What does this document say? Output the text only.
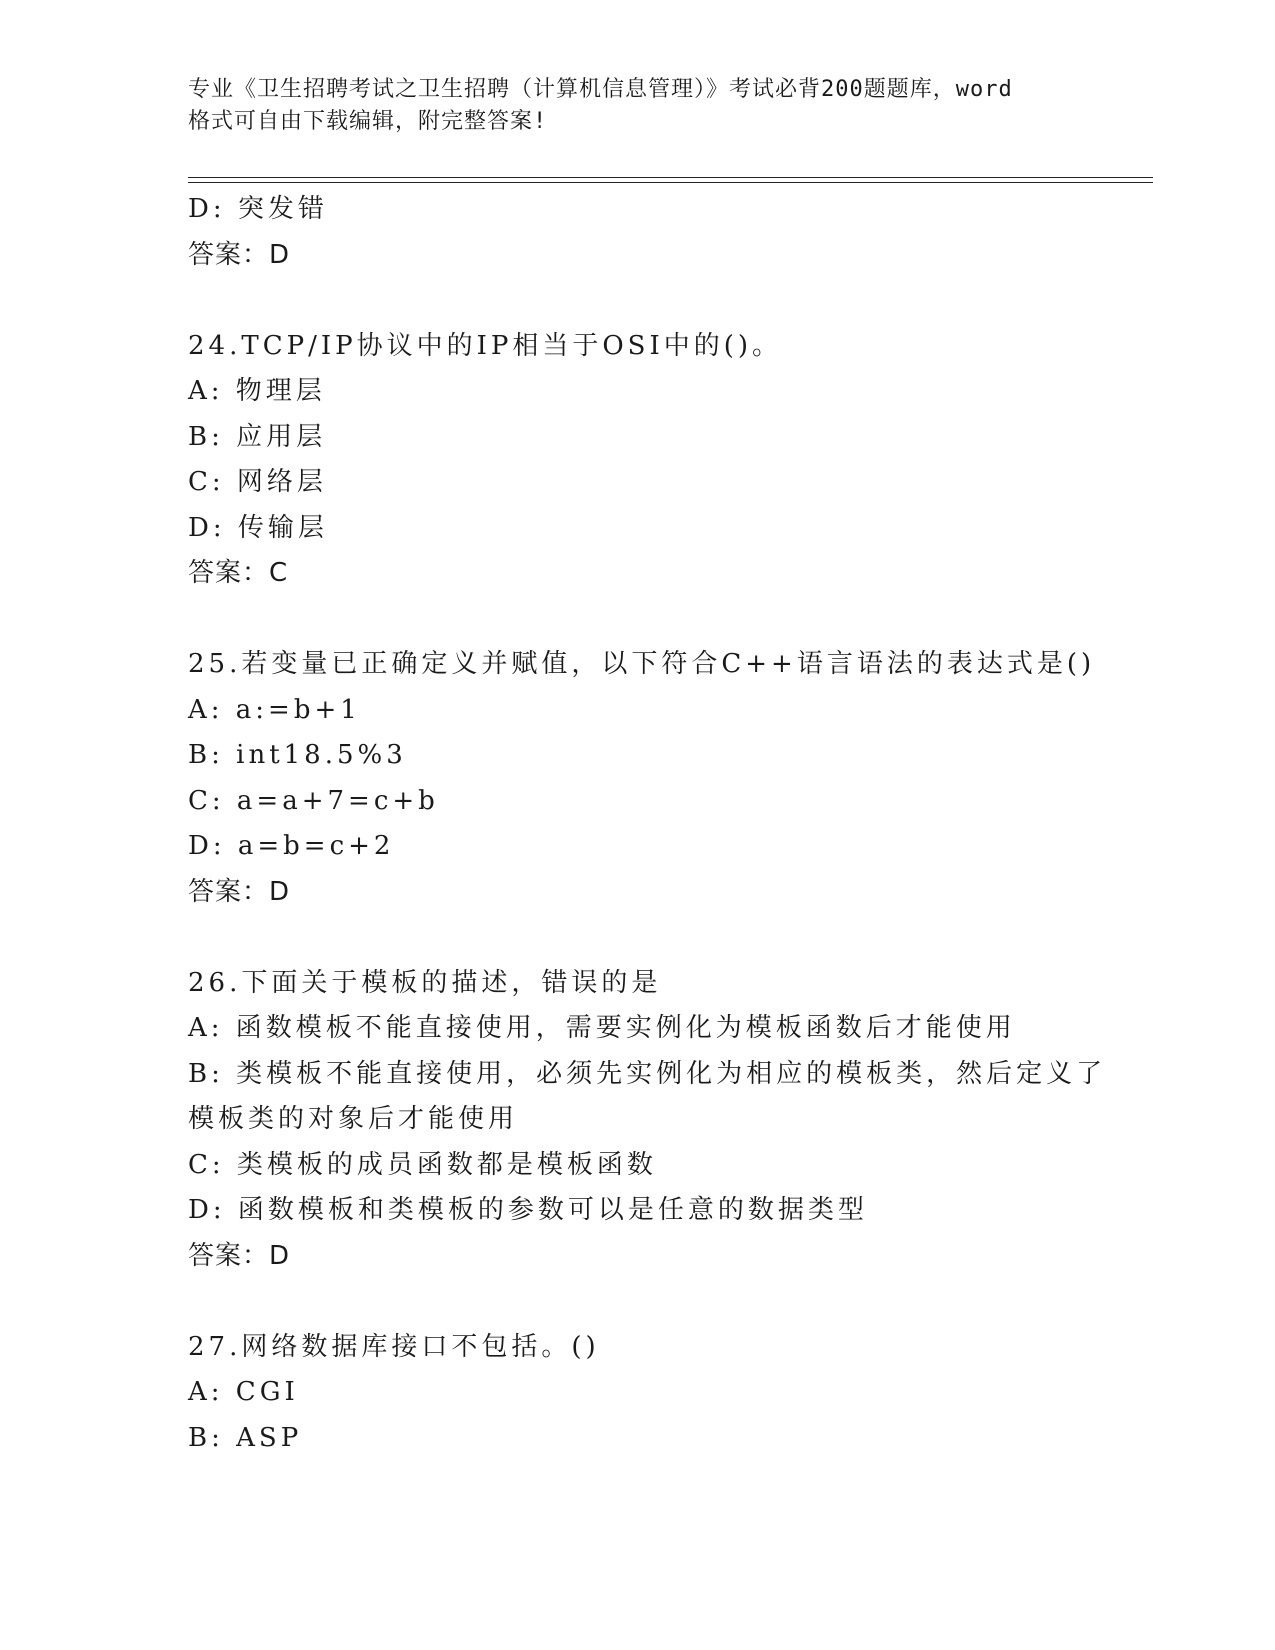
专业《卫生招聘考试之卫生招聘（计算机信息管理）》考试必背200题题库，word
格式可自由下载编辑，附完整答案!
D: 突发错
答案：D
24.TCP/IP协议中的IP相当于OSI中的()。
A: 物理层
B: 应用层
C: 网络层
D: 传输层
答案：C
25.若变量已正确定义并赋值，以下符合C++语言语法的表达式是()
A: a:=b+1
B: int18.5%3
C: a=a+7=c+b
D: a=b=c+2
答案：D
26.下面关于模板的描述，错误的是
A: 函数模板不能直接使用，需要实例化为模板函数后才能使用
B: 类模板不能直接使用，必须先实例化为相应的模板类，然后定义了
模板类的对象后才能使用
C: 类模板的成员函数都是模板函数
D: 函数模板和类模板的参数可以是任意的数据类型
答案：D
27.网络数据库接口不包括。()
A: CGI
B: ASP
